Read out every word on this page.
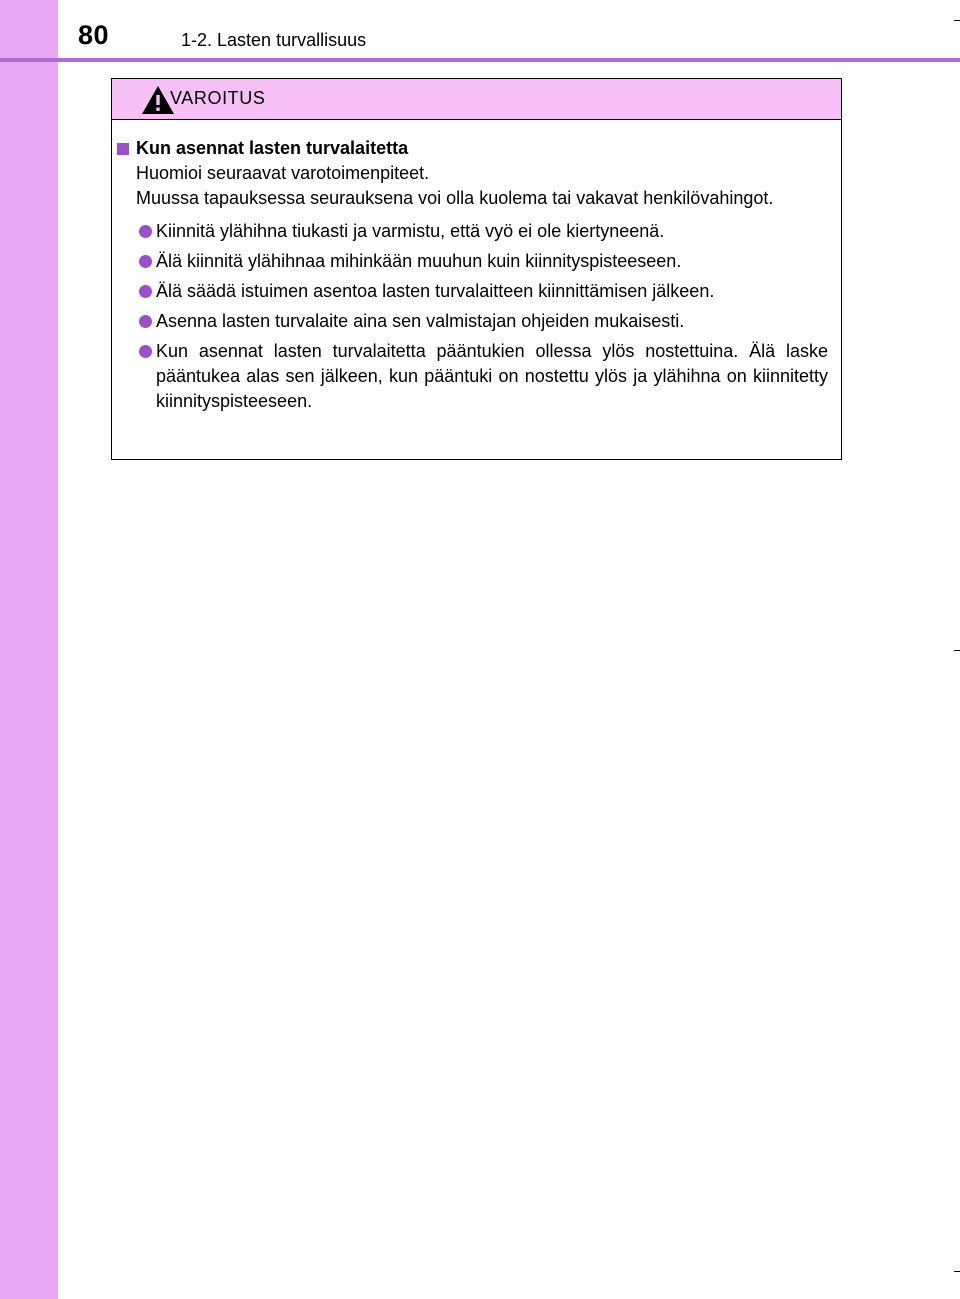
80	1-2. Lasten turvallisuus
VAROITUS
Kun asennat lasten turvalaitetta
Huomioi seuraavat varotoimenpiteet.
Muussa tapauksessa seurauksena voi olla kuolema tai vakavat henkilövahingot.
Kiinnitä ylähihna tiukasti ja varmistu, että vyö ei ole kiertyneenä.
Älä kiinnitä ylähihnaa mihinkään muuhun kuin kiinnityspisteeseen.
Älä säädä istuimen asentoa lasten turvalaitteen kiinnittämisen jälkeen.
Asenna lasten turvalaite aina sen valmistajan ohjeiden mukaisesti.
Kun asennat lasten turvalaitetta pääntukien ollessa ylös nostettuina. Älä laske pääntukea alas sen jälkeen, kun pääntuki on nostettu ylös ja ylähihna on kiinnitetty kiinnityspisteeseen.
